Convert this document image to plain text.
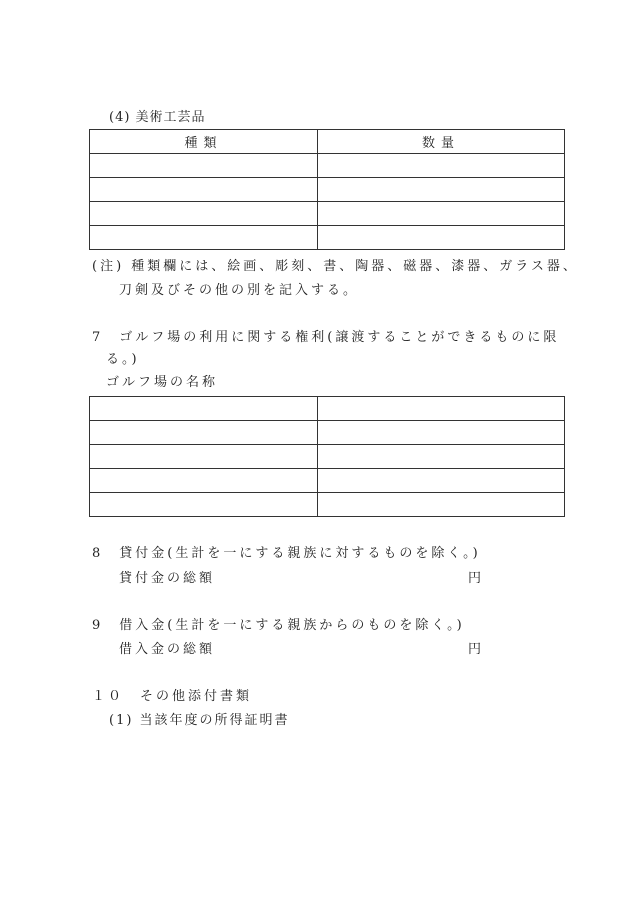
(4) 美術工芸品
種類	数量

(注) 種類欄には、絵画、彫刻、書、陶器、磁器、漆器、ガラス器、
刀剣及びその他の別を記入する。
7　ゴルフ場の利用に関する権利(譲渡することができるものに限
る。)
ゴルフ場の名称

8　貸付金(生計を一にする親族に対するものを除く。)
貸付金の総額	円
9　借入金(生計を一にする親族からのものを除く。)
借入金の総額	円
１０　その他添付書類
(1) 当該年度の所得証明書
